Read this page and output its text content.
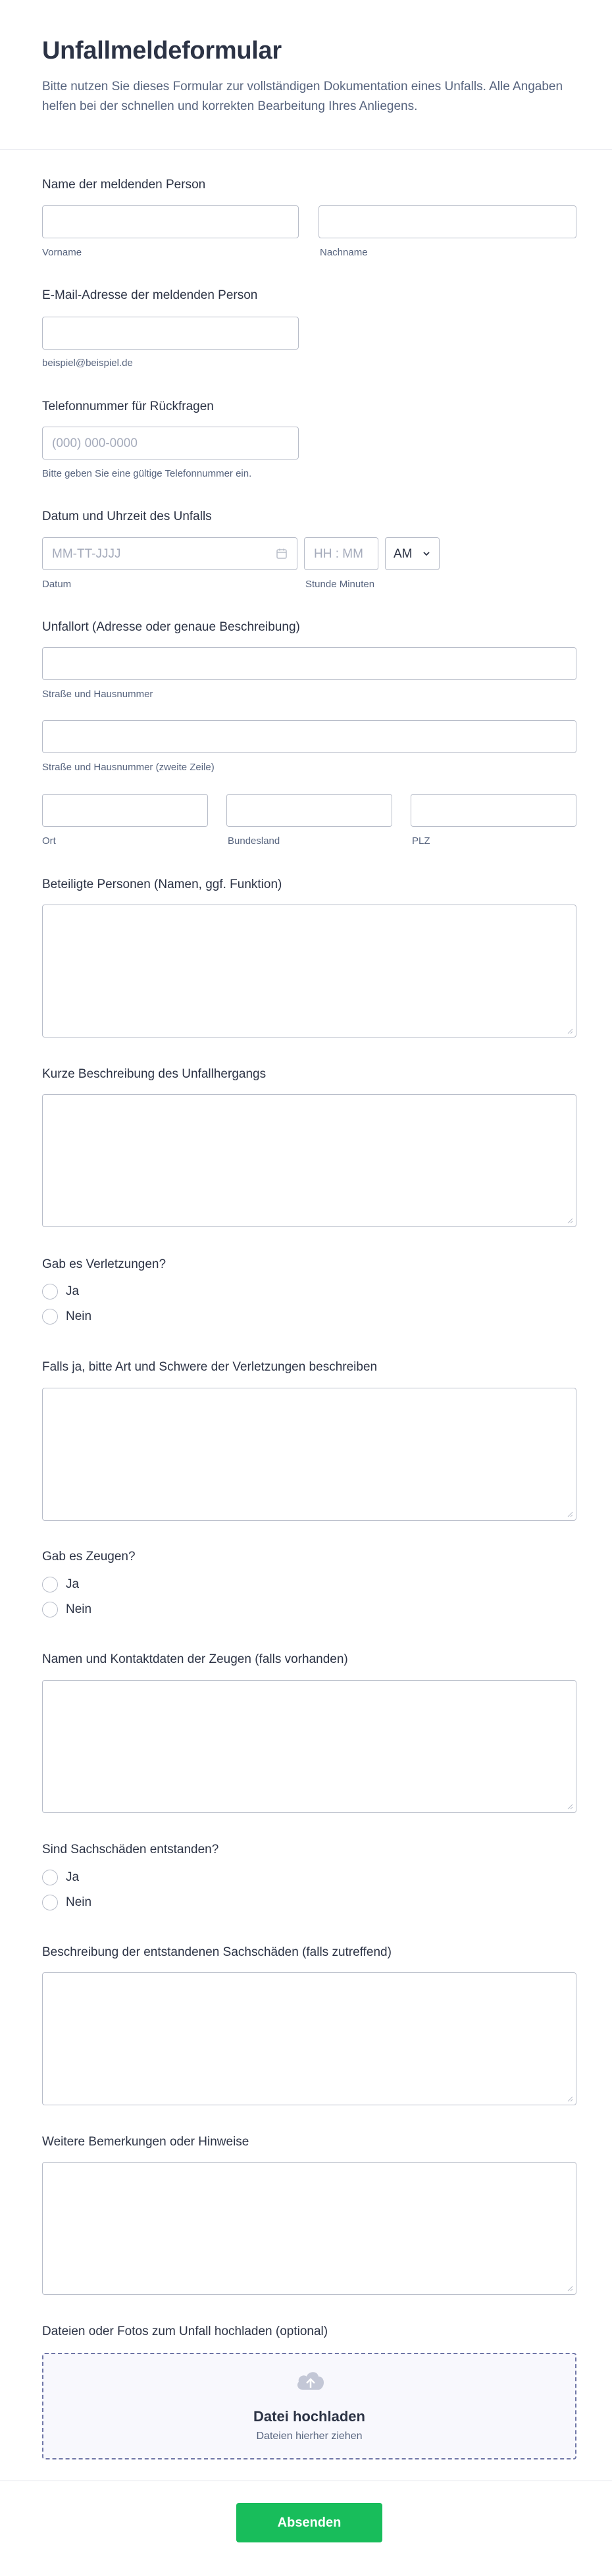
Unfallmeldeformular
Bitte nutzen Sie dieses Formular zur vollständigen Dokumentation eines Unfalls. Alle Angaben helfen bei der schnellen und korrekten Bearbeitung Ihres Anliegens.
Name der meldenden Person
Vorname	Nachname
E-Mail-Adresse der meldenden Person
beispiel@beispiel.de
Telefonnummer für Rückfragen
(000) 000-0000
Bitte geben Sie eine gültige Telefonnummer ein.
Datum und Uhrzeit des Unfalls
MM-TT-JJJJ
Datum
HH : MM
Stunde Minuten
AM
Unfallort (Adresse oder genaue Beschreibung)
Straße und Hausnummer
Straße und Hausnummer (zweite Zeile)
Ort	Bundesland	PLZ
Beteiligte Personen (Namen, ggf. Funktion)
Kurze Beschreibung des Unfallhergangs
Gab es Verletzungen?
Ja
Nein
Falls ja, bitte Art und Schwere der Verletzungen beschreiben
Gab es Zeugen?
Ja
Nein
Namen und Kontaktdaten der Zeugen (falls vorhanden)
Sind Sachschäden entstanden?
Ja
Nein
Beschreibung der entstandenen Sachschäden (falls zutreffend)
Weitere Bemerkungen oder Hinweise
Dateien oder Fotos zum Unfall hochladen (optional)
Datei hochladen
Dateien hierher ziehen
Absenden
